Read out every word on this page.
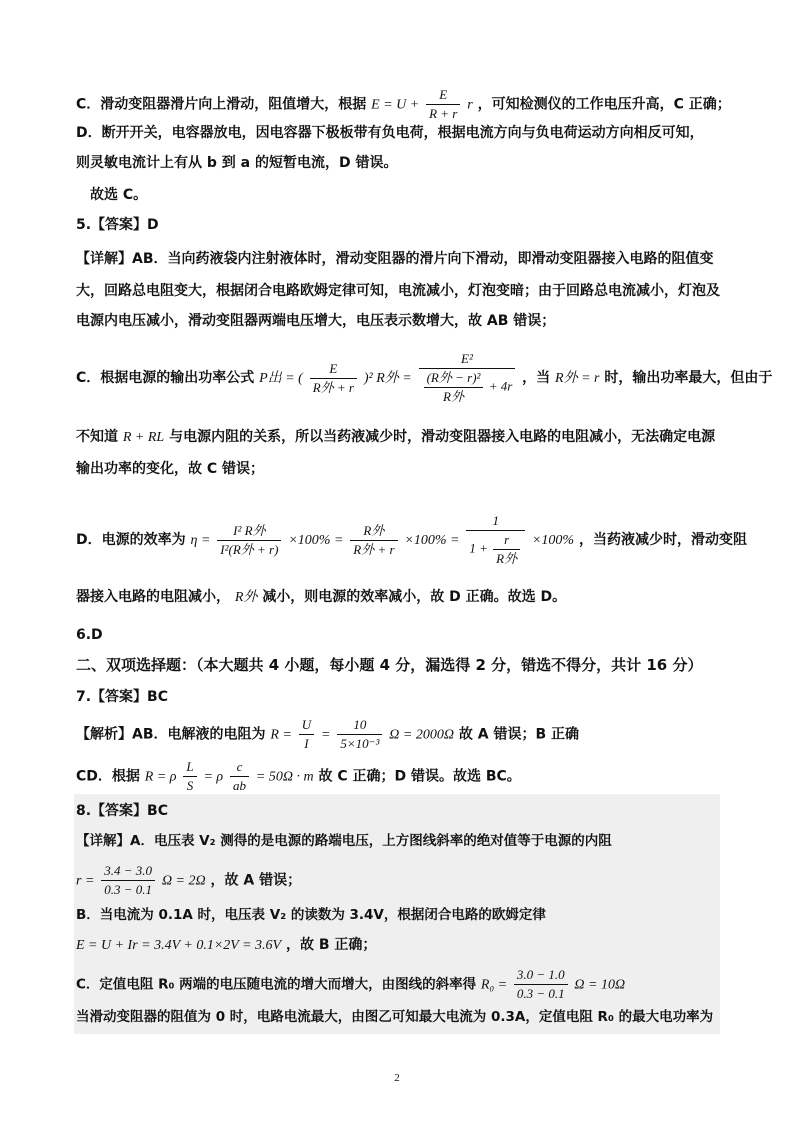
C．滑动变阻器滑片向上滑动，阻值增大，根据 $E = U + \frac{E}{R + r}$ r ，可知检测仪的工作电压升高，C 正确；
D．断开开关，电容器放电，因电容器下极板带有负电荷，根据电流方向与负电荷运动方向相反可知，
则灵敏电流计上有从 b 到 a 的短暂电流，D 错误。
故选 C。
5.【答案】D
【详解】AB．当向药液袋内注射液体时，滑动变阻器的滑片向下滑动，即滑动变阻器接入电路的阻值变
大，回路总电阻变大，根据闭合电路欧姆定律可知，电流减小，灯泡变暗；由于回路总电流减小，灯泡及
电源内电压减小，滑动变阻器两端电压增大，电压表示数增大，故 AB 错误；
C．根据电源的输出功率公式 P出 = ( $\frac{E}{\text{R外 + r}} )^2$ R外 = $\frac{\text{E²}}{\frac{\text{(R外 − r)²}}{\text{R外}} + 4r}$ ，当 R外 = r 时，输出功率最大，但由于
不知道 R + RL 与电源内阻的关系，所以当药液减少时，滑动变阻器接入电路的电阻减小，无法确定电源
输出功率的变化，故 C 错误；
D．电源的效率为 $\eta = \frac{\text{I² R外}}{\text{I²(R外 + r)}} \times 100\% = \frac{\text{R外}}{\text{R外 + r}} \times 100\% = \frac{1}{1 + \frac{r}{\text{R外}}} \times 100\%$ ，当药液减少时，滑动变阻
器接入电路的电阻减小， R外 减小，则电源的效率减小，故 D 正确。故选 D。
6.D
二、双项选择题：（本大题共 4 小题，每小题 4 分，漏选得 2 分，错选不得分，共计 16 分）
7.【答案】BC
【解析】AB．电解液的电阻为 $R = \frac{U}{I} = \frac{10}{\text{5×10⁻³}}$ Ω = 2000Ω 故 A 错误；B 正确
CD．根据 R = ρ $\frac{L}{S} = \rho \frac{c}{ab} = 50\Omega \cdot m$ 故 C 正确；D 错误。故选 BC。
8.【答案】BC
【详解】A．电压表 V₂ 测得的是电源的路端电压，上方图线斜率的绝对值等于电源的内阻
$r = \frac{3.4 - 3.0}{0.3 - 0.1}$ Ω = 2Ω ，故 A 错误；
B．当电流为 0.1A 时，电压表 V₂ 的读数为 3.4V，根据闭合电路的欧姆定律
E = U + Ir = 3.4V + 0.1×2V = 3.6V ，故 B 正确；
C．定值电阻 R₀ 两端的电压随电流的增大而增大，由图线的斜率得 $R_0 = \frac{3.0 - 1.0}{0.3 - 0.1}$ Ω = 10Ω
当滑动变阻器的阻值为 0 时，电路电流最大，由图乙可知最大电流为 0.3A，定值电阻 R₀ 的最大电功率为
2
